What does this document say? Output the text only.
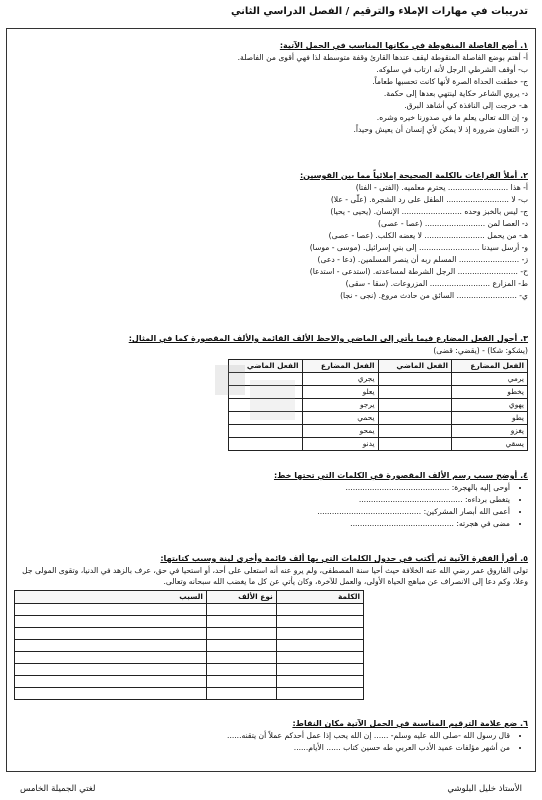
تدريبات في مهارات الإملاء والترقيم / الفصل الدراسي الثاني
١. أضع الفاصلة المنقوطة في مكانها المناسب في الجمل الآتية:
أ- أهتم بوضع الفاصلة المنقوطة ليقف عندها القارئ وقفة متوسطة لذا فهي أقوى من الفاصلة.
ب- أوقف الشرطي الرجل لأنه ارتاب في سلوكه.
ج- خطفت الحداة الصرة لأنها كانت تحسبها طعاماً.
د- يروي الشاعر حكاية لينتهي بعدها إلى حكمة.
هـ- خرجت إلى النافذة كي أشاهد البرق.
و- إن الله تعالى يعلم ما في صدورنا خيره وشره.
ز- التعاون ضرورة إذ لا يمكن لأي إنسان أن يعيش وحيداً.
٢. أملأ الفراغات بالكلمة الصحيحة إملائياً مما بين القوسين:
أ- هذا ......................... يحترم معلميه. (الفتى - الفتا)
ب- لا .......................... الطفل على رد الشجرة. (علّى - علا)
ج- ليس بالخبز وحده ......................... الإنسان. (يحيى - يحيا)
د- العصا لمن ......................... (عصا - عصى)
هـ- من يحمل ......................... لا يعضه الكلب. (عصا - عصى)
و- أرسل سيدنا ......................... إلى بني إسرائيل. (موسى - موسا)
ز- ......................... المسلم ربه أن ينصر المسلمين. (دعا - دعى)
ح- ......................... الرجل الشرطة لمساعدته. (استدعى - استدعا)
ط- المزارع ......................... المزروعات. (سقا - سقى)
ي- ......................... السائق من حادث مروع. (نجى - نجا)
٣. أحول الفعل المضارع فيما يأتي إلى الماضي والاحظ الألف القائمة والألف المقصورة كما في المثال:
(يشكو: شكا) - (يقضي: قضى)
الفعل المضارع	الفعل الماضي	الفعل المضارع	الفعل الماضي
يرمي		يجري	
يخطو		يعلو	
يهوي		يرجو	
يطو		يحمي	
يغزو		يمحو	
يسقي		يدنو	
٤. أوضح سبب رسم الألف المقصورة في الكلمات التي تحتها خط:
• أوحى إليه بالهجرة: ...........................................
• يتغطى برداءه: ...........................................
• أعمى الله أبصار المشركين: ...........................................
• مضى في هجرته: ...........................................
٥. أقرأ الفقرة الآتية ثم أكتب في جدول الكلمات التي بها ألف قائمة وأخرى لينة وسبب كتابتها:
تولى الفاروق عمر رضي الله عنه الخلافة حيث أحيا سنة المصطفى، ولم يرو عنه أنه استعلى على أحد، أو استحيا في حق، عرف بالزهد في الدنيا، وتقوى المولى جل وعلا، وكم دعا إلى الانصراف عن مباهج الحياة الأولى، والعمل للآخرة، وكان يأتي عن كل ما يغضب الله سبحانه وتعالى.
الكلمة	نوع الألف	السبب

٦. ضع علامة الترقيم المناسبة في الجمل الآتية مكان النقاط:
• قال رسول الله -صلى الله عليه وسلم- ...... إن الله يحب إذا عمل أحدكم عملاً أن يتقنه......
• من أشهر مؤلفات عميد الأدب العربي طه حسين كتاب ...... الأيام......
الأستاذ خليل البلوشي
لغتي الجميلة الخامس
